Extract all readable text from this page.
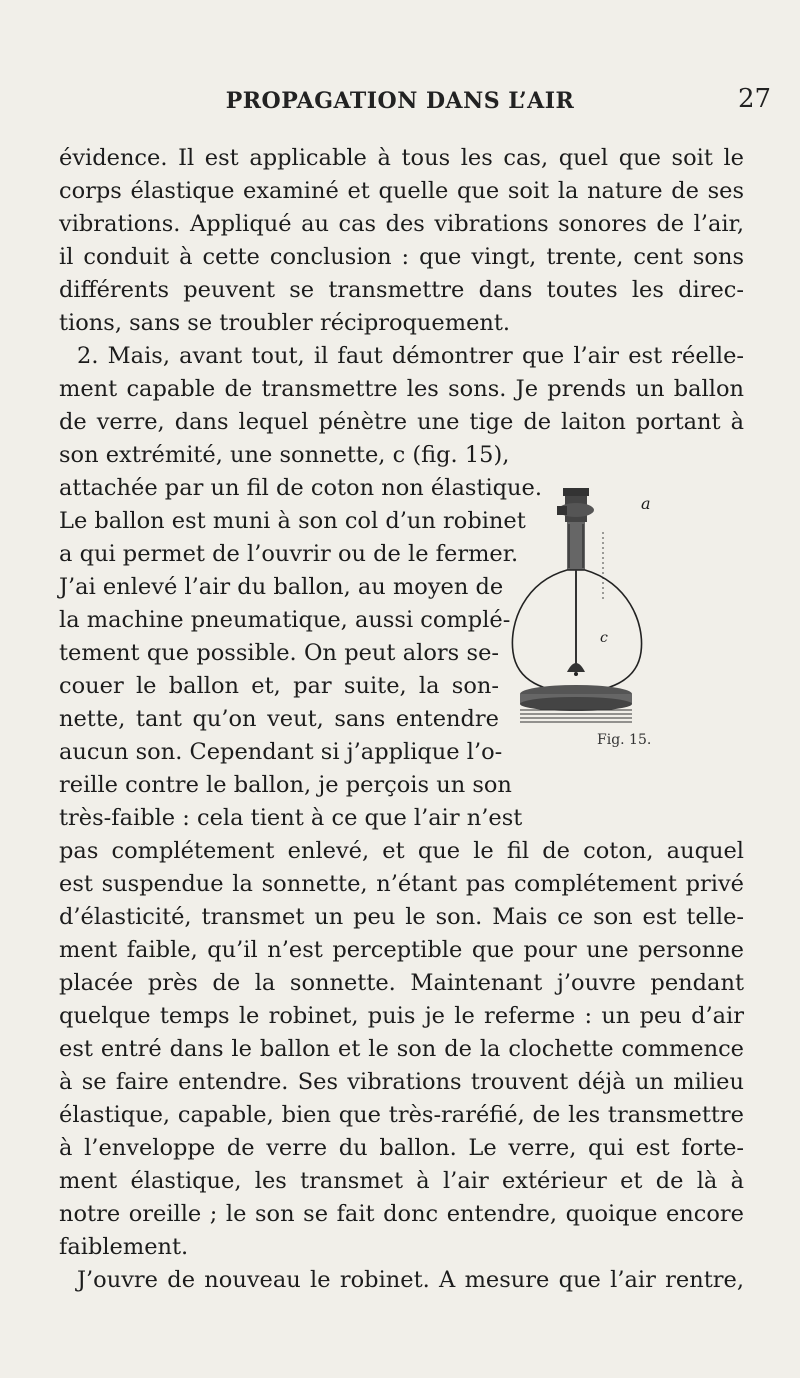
PROPAGATION DANS L’AIR	27
évidence. Il est applicable à tous les cas, quel que soit le
corps élastique examiné et quelle que soit la nature de ses
vibrations. Appliqué au cas des vibrations sonores de l’air,
il conduit à cette conclusion : que vingt, trente, cent sons
différents peuvent se transmettre dans toutes les direc-
tions, sans se troubler réciproquement.
2. Mais, avant tout, il faut démontrer que l’air est réelle-
ment capable de transmettre les sons. Je prends un ballon
de verre, dans lequel pénètre une tige de laiton portant à
son extrémité, une sonnette, c (fig. 15),
attachée par un fil de coton non élastique.
Le ballon est muni à son col d’un robinet
a qui permet de l’ouvrir ou de le fermer.
J’ai enlevé l’air du ballon, au moyen de
la machine pneumatique, aussi complé-
tement que possible. On peut alors se-
couer le ballon et, par suite, la son-
nette, tant qu’on veut, sans entendre
aucun son. Cependant si j’applique l’o-
reille contre le ballon, je perçois un son
très-faible : cela tient à ce que l’air n’est
pas complétement enlevé, et que le fil de coton, auquel
est suspendue la sonnette, n’étant pas complétement privé
d’élasticité, transmet un peu le son. Mais ce son est telle-
ment faible, qu’il n’est perceptible que pour une personne
placée près de la sonnette. Maintenant j’ouvre pendant
quelque temps le robinet, puis je le referme : un peu d’air
est entré dans le ballon et le son de la clochette commence
à se faire entendre. Ses vibrations trouvent déjà un milieu
élastique, capable, bien que très-raréfié, de les transmettre
à l’enveloppe de verre du ballon. Le verre, qui est forte-
ment élastique, les transmet à l’air extérieur et de là à
notre oreille ; le son se fait donc entendre, quoique encore
faiblement.
J’ouvre de nouveau le robinet. A mesure que l’air rentre,
a
c
Fig. 15.
